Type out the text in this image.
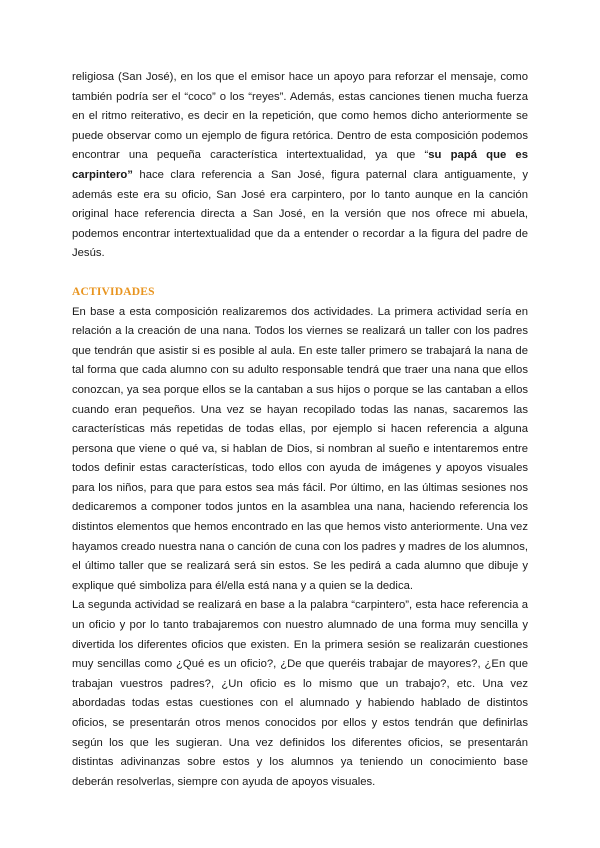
religiosa (San José), en los que el emisor hace un apoyo para reforzar el mensaje, como también podría ser el “coco” o los “reyes”. Además, estas canciones tienen mucha fuerza en el ritmo reiterativo, es decir en la repetición, que como hemos dicho anteriormente se puede observar como un ejemplo de figura retórica. Dentro de esta composición podemos encontrar una pequeña característica intertextualidad, ya que “su papá que es carpintero” hace clara referencia a San José, figura paternal clara antiguamente, y además este era su oficio, San José era carpintero, por lo tanto aunque en la canción original hace referencia directa a San José, en la versión que nos ofrece mi abuela, podemos encontrar intertextualidad que da a entender o recordar a la figura del padre de Jesús.

ACTIVIDADES

En base a esta composición realizaremos dos actividades. La primera actividad sería en relación a la creación de una nana. Todos los viernes se realizará un taller con los padres que tendrán que asistir si es posible al aula. En este taller primero se trabajará la nana de tal forma que cada alumno con su adulto responsable tendrá que traer una nana que ellos conozcan, ya sea porque ellos se la cantaban a sus hijos o porque se las cantaban a ellos cuando eran pequeños. Una vez se hayan recopilado todas las nanas, sacaremos las características más repetidas de todas ellas, por ejemplo si hacen referencia a alguna persona que viene o qué va, si hablan de Dios, si nombran al sueño e intentaremos entre todos definir estas características, todo ellos con ayuda de imágenes y apoyos visuales para los niños, para que para estos sea más fácil. Por último, en las últimas sesiones nos dedicaremos a componer todos juntos en la asamblea una nana, haciendo referencia los distintos elementos que hemos encontrado en las que hemos visto anteriormente. Una vez hayamos creado nuestra nana o canción de cuna con los padres y madres de los alumnos, el último taller que se realizará será sin estos. Se les pedirá a cada alumno que dibuje y explique qué simboliza para él/ella está nana y a quien se la dedica.

La segunda actividad se realizará en base a la palabra “carpintero”, esta hace referencia a un oficio y por lo tanto trabajaremos con nuestro alumnado de una forma muy sencilla y divertida los diferentes oficios que existen. En la primera sesión se realizarán cuestiones muy sencillas como ¿Qué es un oficio?, ¿De que queréis trabajar de mayores?, ¿En que trabajan vuestros padres?, ¿Un oficio es lo mismo que un trabajo?, etc. Una vez abordadas todas estas cuestiones con el alumnado y habiendo hablado de distintos oficios, se presentarán otros menos conocidos por ellos y estos tendrán que definirlas según los que les sugieran. Una vez definidos los diferentes oficios, se presentarán distintas adivinanzas sobre estos y los alumnos ya teniendo un conocimiento base deberán resolverlas, siempre con ayuda de apoyos visuales.
